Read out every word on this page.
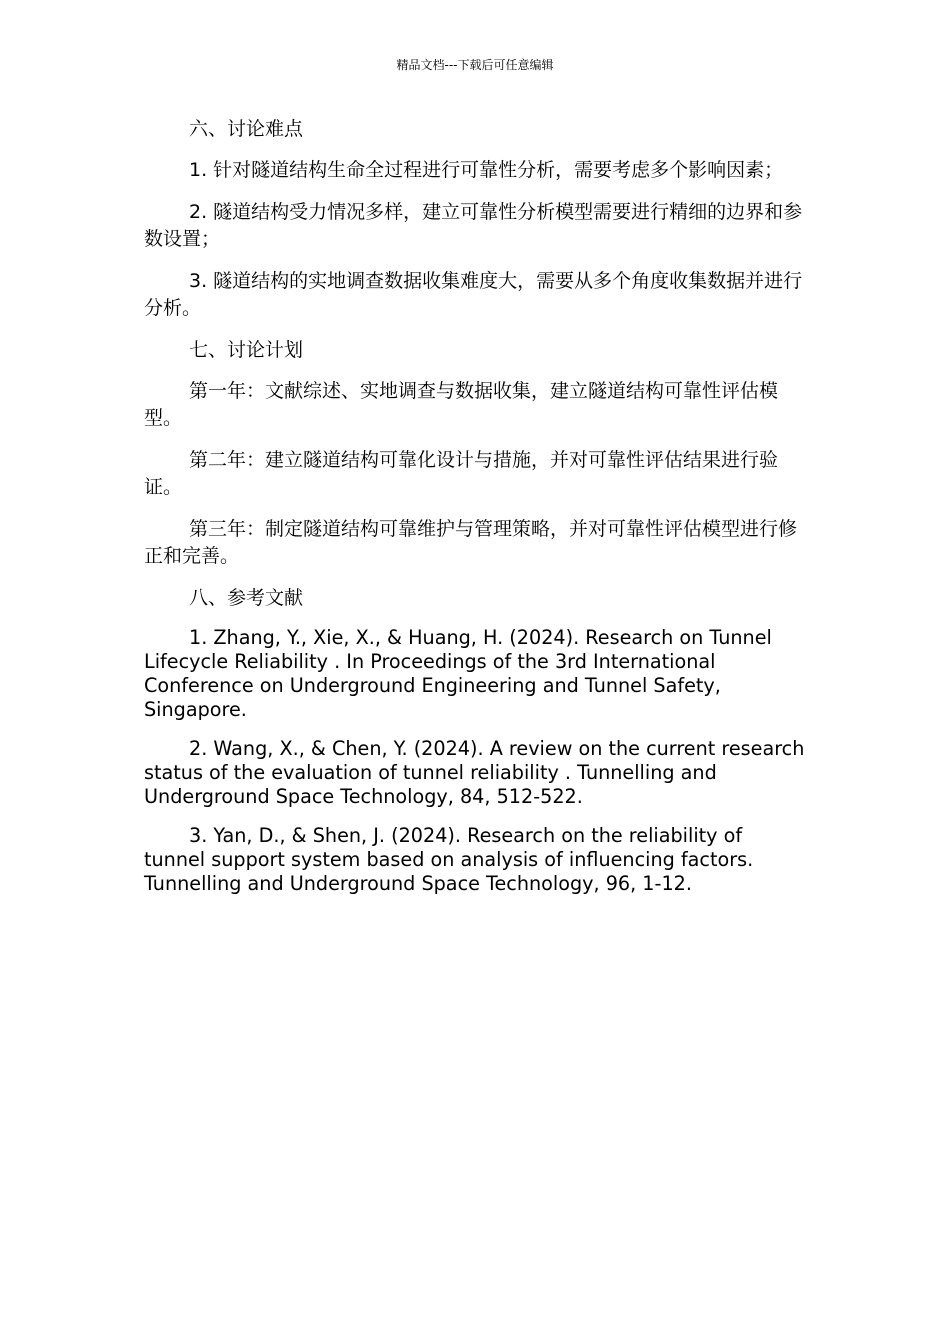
精品文档---下载后可任意编辑

六、讨论难点

1. 针对隧道结构生命全过程进行可靠性分析，需要考虑多个影响因素；

2. 隧道结构受力情况多样，建立可靠性分析模型需要进行精细的边界和参数设置；

3. 隧道结构的实地调查数据收集难度大，需要从多个角度收集数据并进行分析。

七、讨论计划

第一年：文献综述、实地调查与数据收集，建立隧道结构可靠性评估模型。

第二年：建立隧道结构可靠化设计与措施，并对可靠性评估结果进行验证。

第三年：制定隧道结构可靠维护与管理策略，并对可靠性评估模型进行修正和完善。

八、参考文献

1. Zhang, Y., Xie, X., & Huang, H. (2024). Research on Tunnel Lifecycle Reliability . In Proceedings of the 3rd International Conference on Underground Engineering and Tunnel Safety, Singapore.

2. Wang, X., & Chen, Y. (2024). A review on the current research status of the evaluation of tunnel reliability . Tunnelling and Underground Space Technology, 84, 512-522.

3. Yan, D., & Shen, J. (2024). Research on the reliability of tunnel support system based on analysis of influencing factors. Tunnelling and Underground Space Technology, 96, 1-12.
